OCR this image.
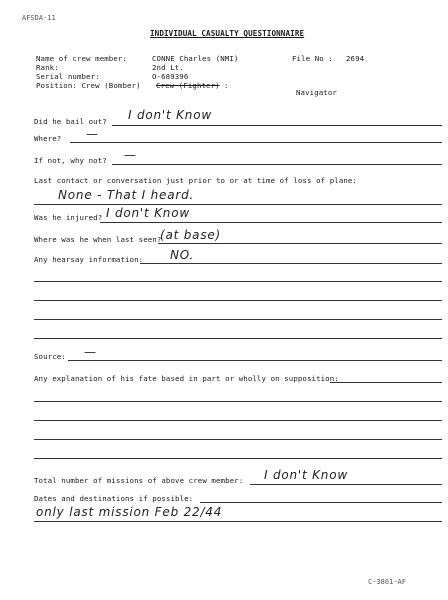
AFSDA-11
INDIVIDUAL CASUALTY QUESTIONNAIRE
Name of crew member:	CONNE Charles (NMI)	File No : 2694
Rank:	2nd Lt.
Serial number:	O-689396
Position: Crew (Bomber) Crew (Fighter) :
Navigator
Did he bail out? I don't Know
Where? —
If not, why not? —
Last contact or conversation just prior to or at time of loss of plane:
None - That I heard.
Was he injured? I don't Know
Where was he when last seen?
(at base)
Any hearsay information: NO.
Source: —
Any explanation of his fate based in part or wholly on supposition:
Total number of missions of above crew member: I don't Know
Dates and destinations if possible:
only last mission Feb 22/44
C-3861-AF
